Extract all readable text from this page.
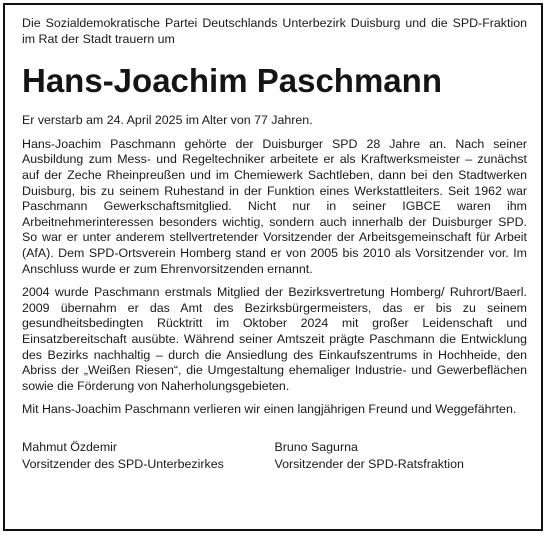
Die Sozialdemokratische Partei Deutschlands Unterbezirk Duisburg und die SPD-Fraktion im Rat der Stadt trauern um
Hans-Joachim Paschmann
Er verstarb am 24. April 2025 im Alter von 77 Jahren.

Hans-Joachim Paschmann gehörte der Duisburger SPD 28 Jahre an. Nach seiner Ausbildung zum Mess- und Regeltechniker arbeitete er als Kraftwerksmeister – zunächst auf der Zeche Rheinpreußen und im Chemiewerk Sachtleben, dann bei den Stadtwerken Duisburg, bis zu seinem Ruhestand in der Funktion eines Werkstattleiters. Seit 1962 war Paschmann Gewerkschaftsmitglied. Nicht nur in seiner IGBCE waren ihm Arbeitnehmerinteressen besonders wichtig, sondern auch innerhalb der Duisburger SPD. So war er unter anderem stellvertretender Vorsitzender der Arbeitsgemeinschaft für Arbeit (AfA). Dem SPD-Ortsverein Homberg stand er von 2005 bis 2010 als Vorsitzender vor. Im Anschluss wurde er zum Ehrenvorsitzenden ernannt.

2004 wurde Paschmann erstmals Mitglied der Bezirksvertretung Homberg/ Ruhrort/Baerl. 2009 übernahm er das Amt des Bezirksbürgermeisters, das er bis zu seinem gesundheitsbedingten Rücktritt im Oktober 2024 mit großer Leidenschaft und Einsatzbereitschaft ausübte. Während seiner Amtszeit prägte Paschmann die Entwicklung des Bezirks nachhaltig – durch die Ansiedlung des Einkaufszentrums in Hochheide, den Abriss der „Weißen Riesen“, die Umgestaltung ehemaliger Industrie- und Gewerbeflächen sowie die Förderung von Naherholungsgebieten.

Mit Hans-Joachim Paschmann verlieren wir einen langjährigen Freund und Weggefährten.

Mahmut Özdemir
Vorsitzender des SPD-Unterbezirkes
Bruno Sagurna
Vorsitzender der SPD-Ratsfraktion
